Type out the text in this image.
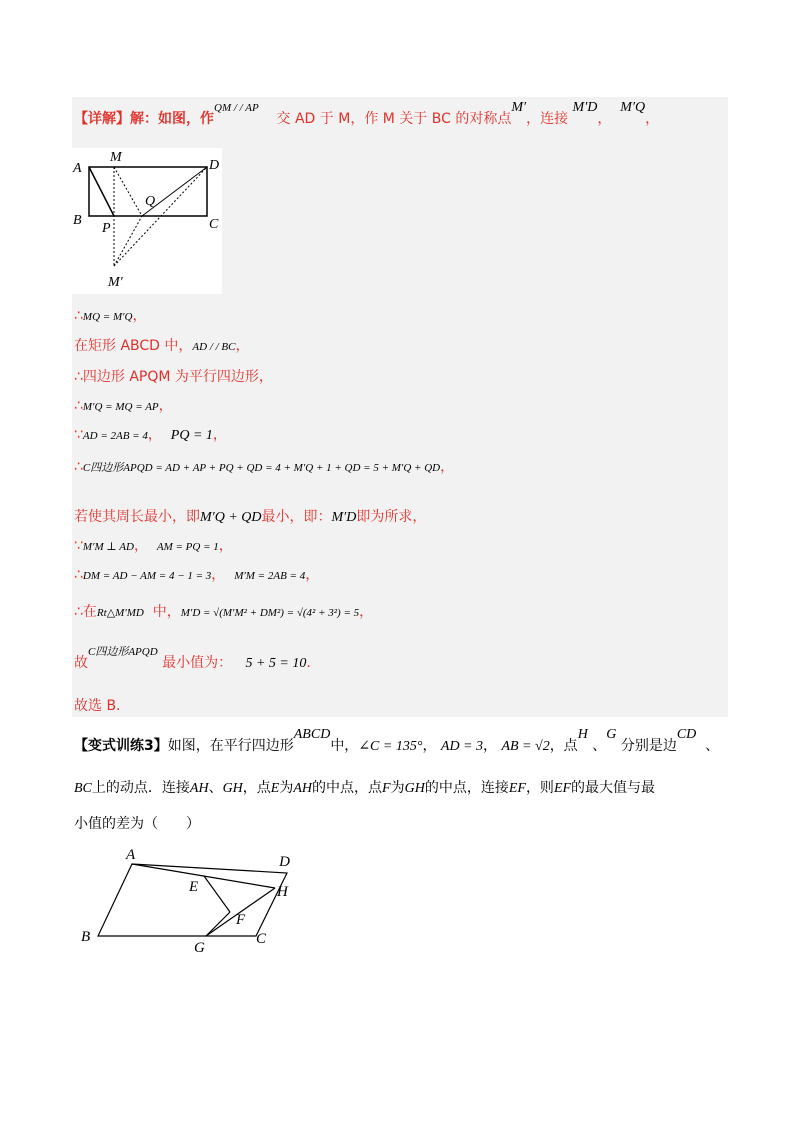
【详解】解：如图，作$^{QM / / AP}$    交 AD 于 M，作 M 关于 BC 的对称点M′，连接 M′D，  M′Q，
A
M
D
B
P
Q
C
M′
∴MQ = M′Q，
在矩形 ABCD 中，AD / / BC，
∴四边形 APQM 为平行四边形，
∴M′Q = MQ = AP，
∵AD = 2AB = 4， PQ = 1，
∴C四边形APQD = AD + AP + PQ + QD = 4 + M′Q + 1 + QD = 5 + M′Q + QD，
若使其周长最小，即M′Q + QD最小，即：M′D即为所求，
∵M′M ⊥ AD， AM = PQ = 1，
∴DM = AD − AM = 4 − 1 = 3， M′M = 2AB = 4，
∴在Rt△M′MD 中，M′D = √(M′M² + DM²) = √(4² + 3²) = 5，
故$^{C四边形APQD}$ 最小值为： 5 + 5 = 10.
故选 B.
【变式训练3】如图，在平行四边形ABCD中，∠C = 135°， AD = 3， AB = √2，点H 、G 分别是边CD  、
BC上的动点．连接AH、GH，点E为AH的中点，点F为GH的中点，连接EF，则EF的最大值与最
小值的差为（　　）
A	D
E	H
F
B
G
C
